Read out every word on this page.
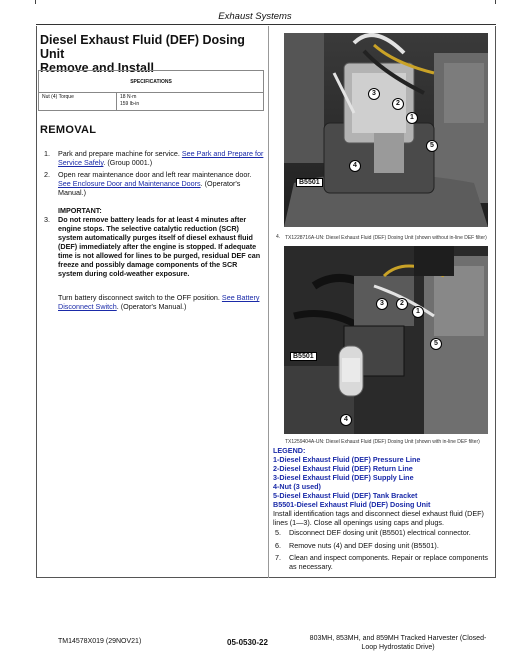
Exhaust Systems
Diesel Exhaust Fluid (DEF) Dosing Unit
Remove and Install
SPECIFICATIONS
Nut (4) Torque	18 N·m
159 lb-in
REMOVAL
1. Park and prepare machine for service. See Park and Prepare for Service Safely. (Group 0001.)
2. Open rear maintenance door and left rear maintenance door. See Enclosure Door and Maintenance Doors. (Operator's Manual.)
IMPORTANT:
3. Do not remove battery leads for at least 4 minutes after engine stops. The selective catalytic reduction (SCR) system automatically purges itself of diesel exhaust fluid (DEF) immediately after the engine is stopped. If adequate time is not allowed for lines to be purged, residual DEF can freeze and possibly damage components of the SCR system during cold-weather exposure.
Turn battery disconnect switch to the OFF position. See Battery Disconnect Switch. (Operator's Manual.)
3
2
1
4
5
B5501
4. TX1228716A-UN: Diesel Exhaust Fluid (DEF) Dosing Unit (shown without in-line DEF filter)
3	2
1
B5501
5
4
TX1259404A-UN: Diesel Exhaust Fluid (DEF) Dosing Unit (shown with in-line DEF filter)
LEGEND:
1-Diesel Exhaust Fluid (DEF) Pressure Line
2-Diesel Exhaust Fluid (DEF) Return Line
3-Diesel Exhaust Fluid (DEF) Supply Line
4-Nut (3 used)
5-Diesel Exhaust Fluid (DEF) Tank Bracket
B5501-Diesel Exhaust Fluid (DEF) Dosing Unit
Install identification tags and disconnect diesel exhaust fluid (DEF) lines (1—3). Close all openings using caps and plugs.
5. Disconnect DEF dosing unit (B5501) electrical connector.
6. Remove nuts (4) and DEF dosing unit (B5501).
7. Clean and inspect components. Repair or replace components as necessary.
TM14578X019 (29NOV21)	05-0530-22	803MH, 853MH, and 859MH Tracked Harvester (Closed-
Loop Hydrostatic Drive)
